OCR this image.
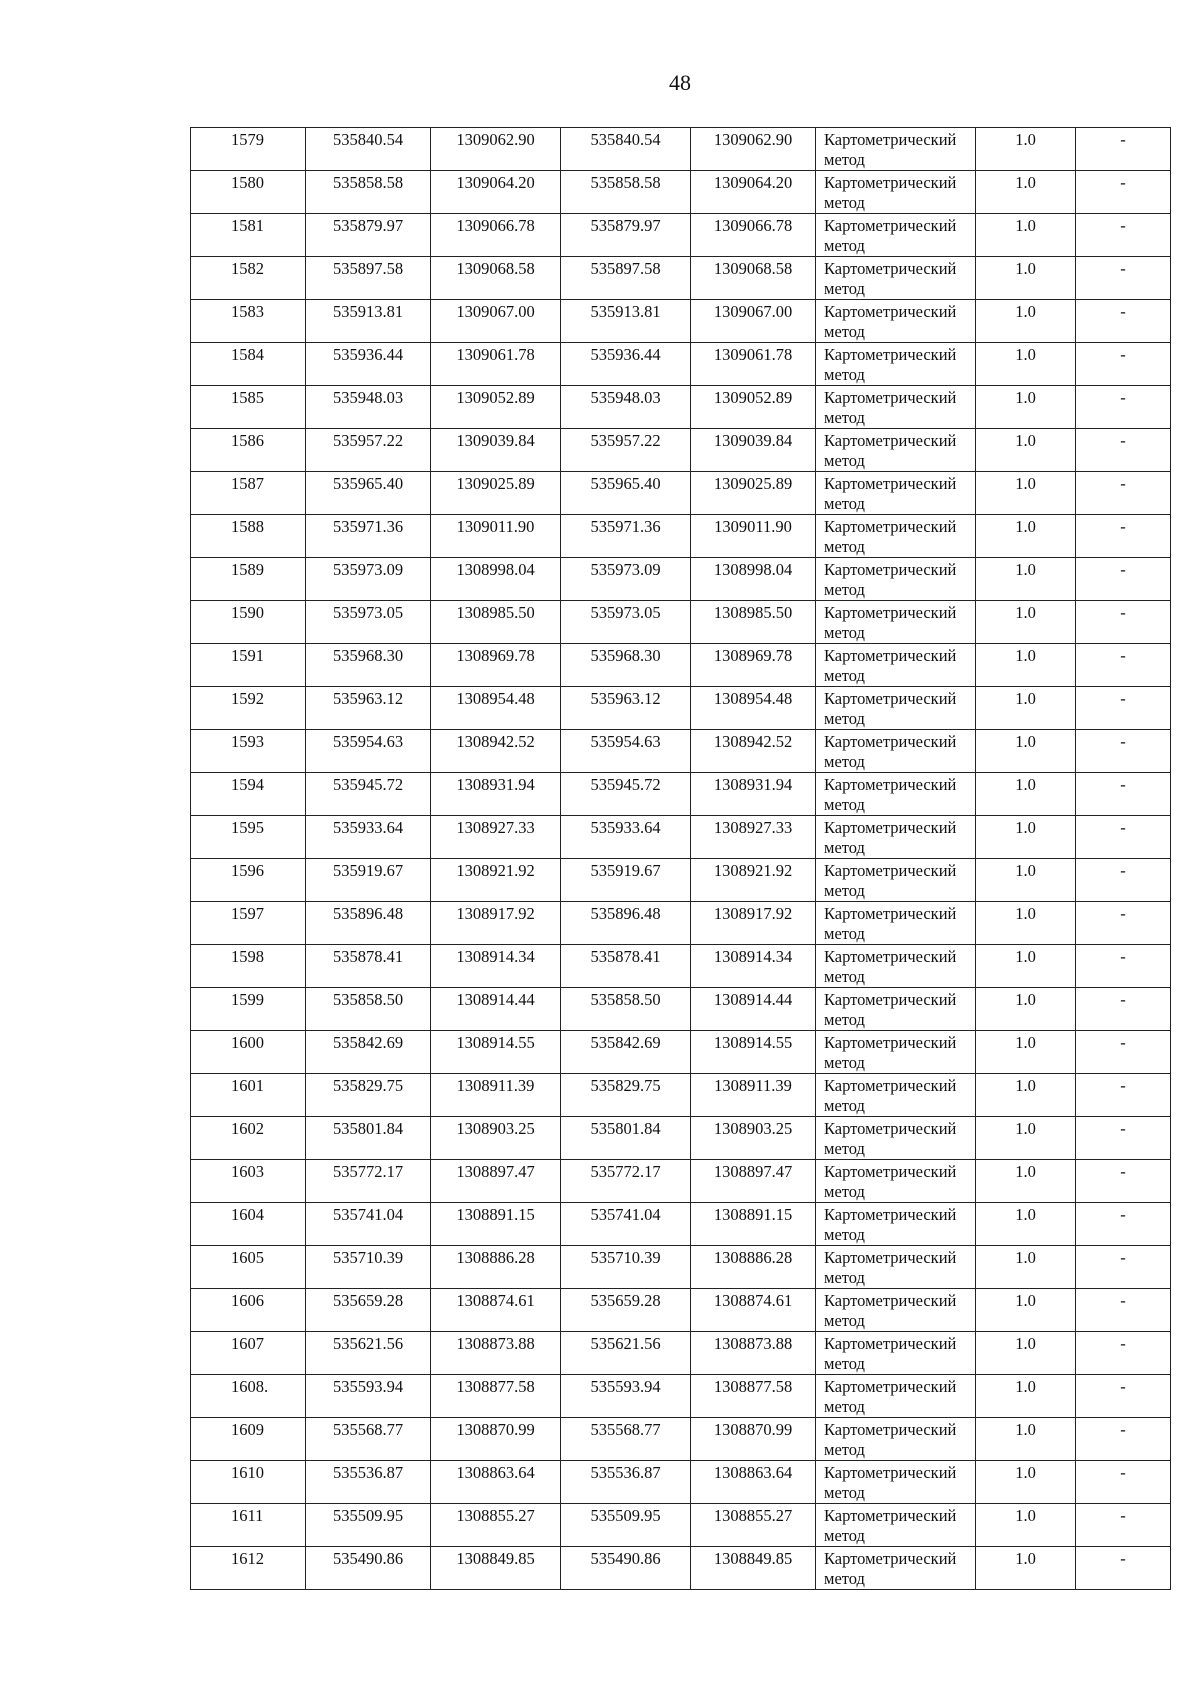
48
1579	535840.54	1309062.90	535840.54	1309062.90	Картометрический
метод	1.0	-
1580	535858.58	1309064.20	535858.58	1309064.20	Картометрический
метод	1.0	-
1581	535879.97	1309066.78	535879.97	1309066.78	Картометрический
метод	1.0	-
1582	535897.58	1309068.58	535897.58	1309068.58	Картометрический
метод	1.0	-
1583	535913.81	1309067.00	535913.81	1309067.00	Картометрический
метод	1.0	-
1584	535936.44	1309061.78	535936.44	1309061.78	Картометрический
метод	1.0	-
1585	535948.03	1309052.89	535948.03	1309052.89	Картометрический
метод	1.0	-
1586	535957.22	1309039.84	535957.22	1309039.84	Картометрический
метод	1.0	-
1587	535965.40	1309025.89	535965.40	1309025.89	Картометрический
метод	1.0	-
1588	535971.36	1309011.90	535971.36	1309011.90	Картометрический
метод	1.0	-
1589	535973.09	1308998.04	535973.09	1308998.04	Картометрический
метод	1.0	-
1590	535973.05	1308985.50	535973.05	1308985.50	Картометрический
метод	1.0	-
1591	535968.30	1308969.78	535968.30	1308969.78	Картометрический
метод	1.0	-
1592	535963.12	1308954.48	535963.12	1308954.48	Картометрический
метод	1.0	-
1593	535954.63	1308942.52	535954.63	1308942.52	Картометрический
метод	1.0	-
1594	535945.72	1308931.94	535945.72	1308931.94	Картометрический
метод	1.0	-
1595	535933.64	1308927.33	535933.64	1308927.33	Картометрический
метод	1.0	-
1596	535919.67	1308921.92	535919.67	1308921.92	Картометрический
метод	1.0	-
1597	535896.48	1308917.92	535896.48	1308917.92	Картометрический
метод	1.0	-
1598	535878.41	1308914.34	535878.41	1308914.34	Картометрический
метод	1.0	-
1599	535858.50	1308914.44	535858.50	1308914.44	Картометрический
метод	1.0	-
1600	535842.69	1308914.55	535842.69	1308914.55	Картометрический
метод	1.0	-
1601	535829.75	1308911.39	535829.75	1308911.39	Картометрический
метод	1.0	-
1602	535801.84	1308903.25	535801.84	1308903.25	Картометрический
метод	1.0	-
1603	535772.17	1308897.47	535772.17	1308897.47	Картометрический
метод	1.0	-
1604	535741.04	1308891.15	535741.04	1308891.15	Картометрический
метод	1.0	-
1605	535710.39	1308886.28	535710.39	1308886.28	Картометрический
метод	1.0	-
1606	535659.28	1308874.61	535659.28	1308874.61	Картометрический
метод	1.0	-
1607	535621.56	1308873.88	535621.56	1308873.88	Картометрический
метод	1.0	-
1608.	535593.94	1308877.58	535593.94	1308877.58	Картометрический
метод	1.0	-
1609	535568.77	1308870.99	535568.77	1308870.99	Картометрический
метод	1.0	-
1610	535536.87	1308863.64	535536.87	1308863.64	Картометрический
метод	1.0	-
1611	535509.95	1308855.27	535509.95	1308855.27	Картометрический
метод	1.0	-
1612	535490.86	1308849.85	535490.86	1308849.85	Картометрический
метод	1.0	-
